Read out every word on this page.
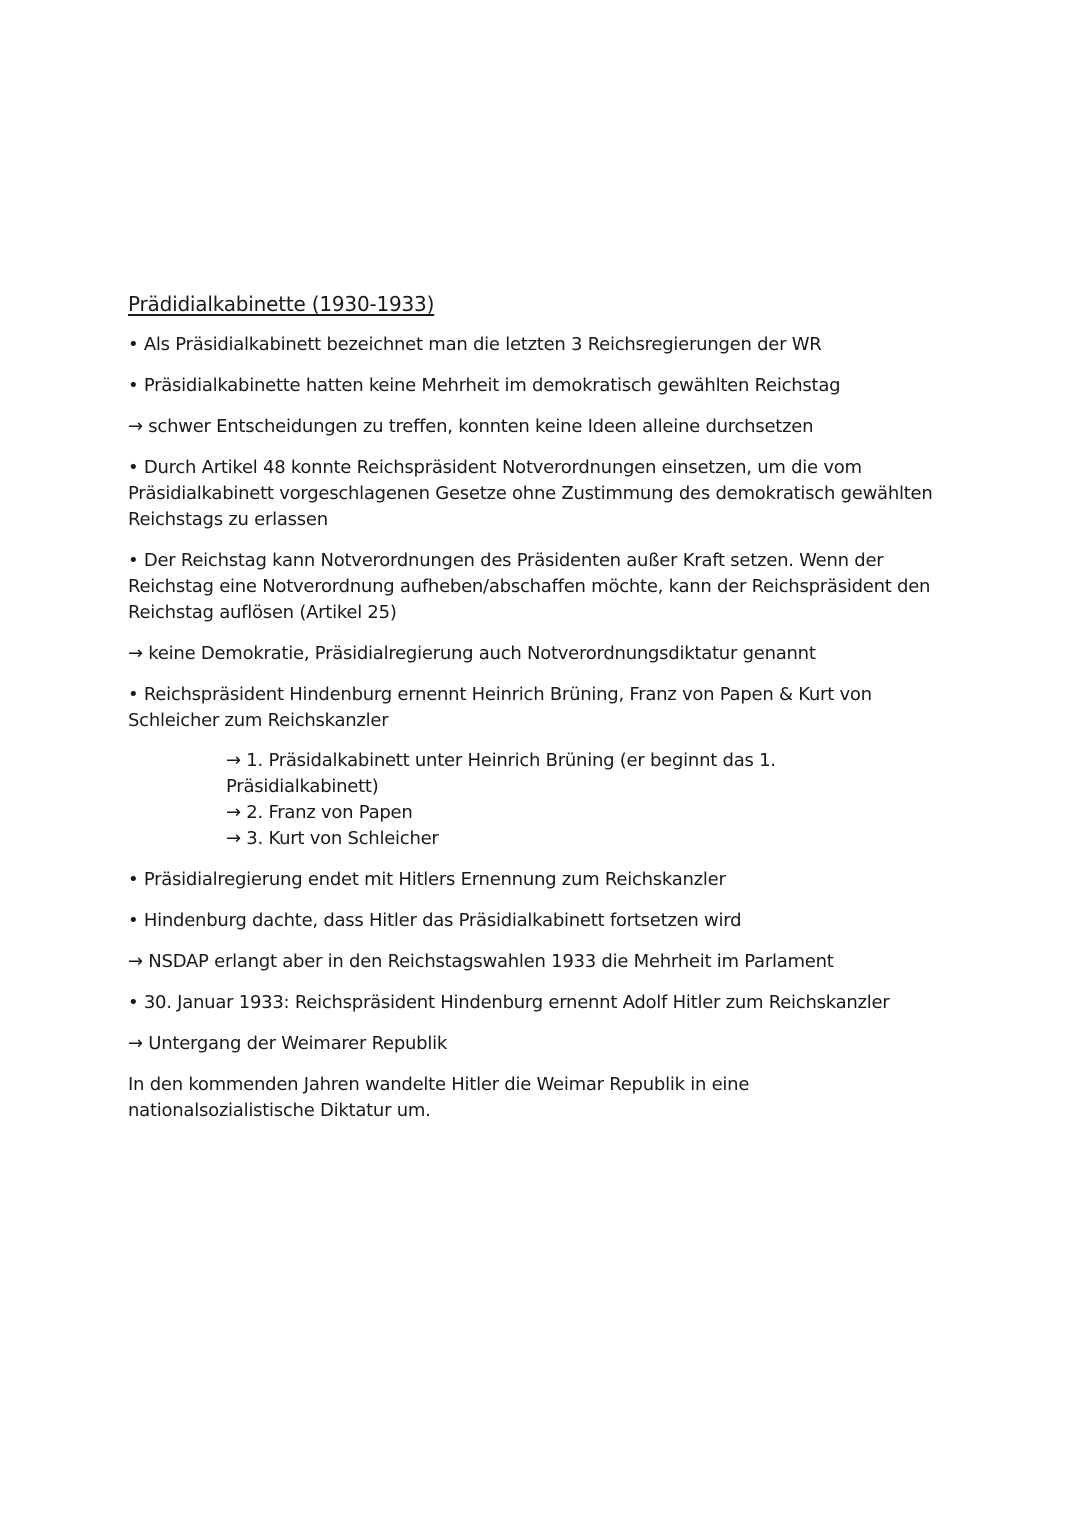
Prädidialkabinette (1930-1933)

• Als Präsidialkabinett bezeichnet man die letzten 3 Reichsregierungen der WR

• Präsidialkabinette hatten keine Mehrheit im demokratisch gewählten Reichstag

→ schwer Entscheidungen zu treffen, konnten keine Ideen alleine durchsetzen

• Durch Artikel 48 konnte Reichspräsident Notverordnungen einsetzen, um die vom Präsidialkabinett vorgeschlagenen Gesetze ohne Zustimmung des demokratisch gewählten Reichstags zu erlassen

• Der Reichstag kann Notverordnungen des Präsidenten außer Kraft setzen. Wenn der Reichstag eine Notverordnung aufheben/abschaffen möchte, kann der Reichspräsident den Reichstag auflösen (Artikel 25)

→ keine Demokratie, Präsidialregierung auch Notverordnungsdiktatur genannt

• Reichspräsident Hindenburg ernennt Heinrich Brüning, Franz von Papen & Kurt von Schleicher zum Reichskanzler

→ 1. Präsidalkabinett unter Heinrich Brüning (er beginnt das 1. Präsidialkabinett)
→ 2. Franz von Papen
→ 3. Kurt von Schleicher

• Präsidialregierung endet mit Hitlers Ernennung zum Reichskanzler

• Hindenburg dachte, dass Hitler das Präsidialkabinett fortsetzen wird

→ NSDAP erlangt aber in den Reichstagswahlen 1933 die Mehrheit im Parlament

• 30. Januar 1933: Reichspräsident Hindenburg ernennt Adolf Hitler zum Reichskanzler

→ Untergang der Weimarer Republik

In den kommenden Jahren wandelte Hitler die Weimar Republik in eine nationalsozialistische Diktatur um.
